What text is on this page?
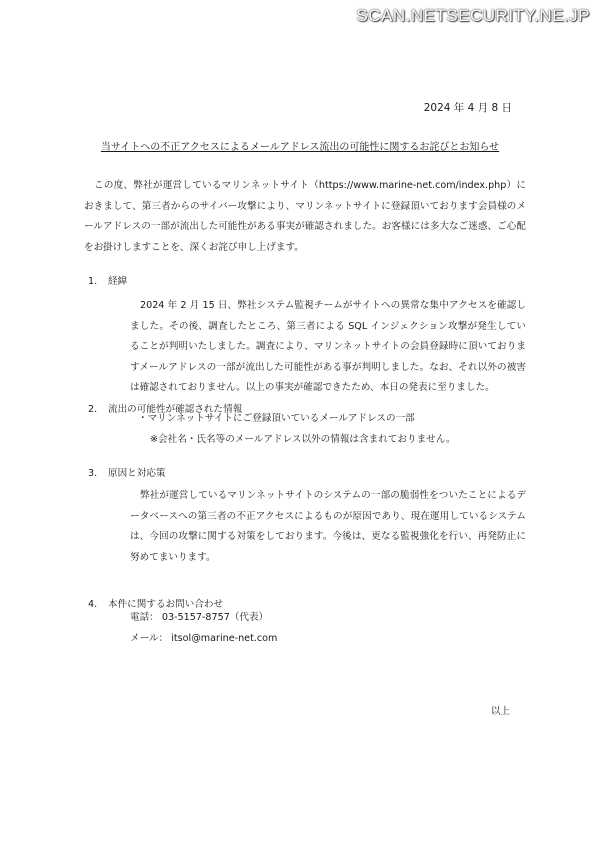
SCAN.NETSECURITY.NE.JP
2024 年 4 月 8 日
当サイトへの不正アクセスによるメールアドレス流出の可能性に関するお詫びとお知らせ
この度、弊社が運営しているマリンネットサイト（https://www.marine-net.com/index.php）におきまして、第三者からのサイバー攻撃により、マリンネットサイトに登録頂いております会員様のメールアドレスの一部が流出した可能性がある事実が確認されました。お客様には多大なご迷惑、ご心配をお掛けしますことを、深くお詫び申し上げます。
1. 経緯
2024 年 2 月 15 日、弊社システム監視チームがサイトへの異常な集中アクセスを確認しました。その後、調査したところ、第三者による SQL インジェクション攻撃が発生していることが判明いたしました。調査により、マリンネットサイトの会員登録時に頂いておりますメールアドレスの一部が流出した可能性がある事が判明しました。なお、それ以外の被害は確認されておりません。以上の事実が確認できたため、本日の発表に至りました。
2. 流出の可能性が確認された情報
・マリンネットサイトにご登録頂いているメールアドレスの一部
※会社名・氏名等のメールアドレス以外の情報は含まれておりません。
3. 原因と対応策
弊社が運営しているマリンネットサイトのシステムの一部の脆弱性をついたことによるデータベースへの第三者の不正アクセスによるものが原因であり、現在運用しているシステムは、今回の攻撃に関する対策をしております。今後は、更なる監視強化を行い、再発防止に努めてまいります。
4. 本件に関するお問い合わせ
電話： 03-5157-8757（代表）
メール： itsol@marine-net.com
以上
